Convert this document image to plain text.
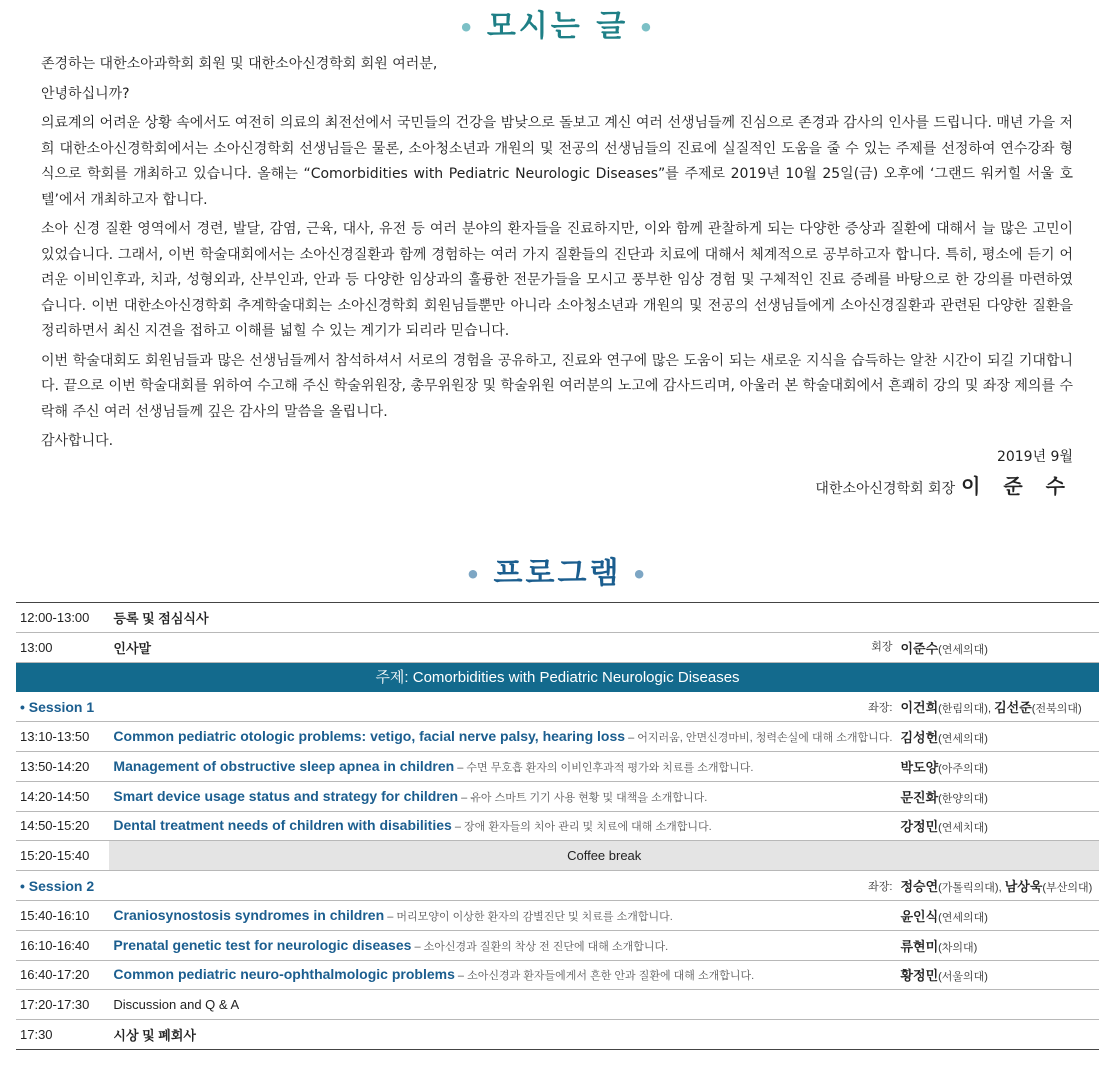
• 모시는 글 •

존경하는 대한소아과학회 회원 및 대한소아신경학회 회원 여러분,

안녕하십니까?

의료계의 어려운 상황 속에서도 여전히 의료의 최전선에서 국민들의 건강을 밤낮으로 돌보고 계신 여러 선생님들께 진심으로 존경과 감사의 인사를 드립니다. 매년 가을 저희 대한소아신경학회에서는 소아신경학회 선생님들은 물론, 소아청소년과 개원의 및 전공의 선생님들의 진료에 실질적인 도움을 줄 수 있는 주제를 선정하여 연수강좌 형식으로 학회를 개최하고 있습니다. 올해는 “Comorbidities with Pediatric Neurologic Diseases”를 주제로 2019년 10월 25일(금) 오후에 ‘그랜드 워커힐 서울 호텔’에서 개최하고자 합니다.

소아 신경 질환 영역에서 경련, 발달, 감염, 근육, 대사, 유전 등 여러 분야의 환자들을 진료하지만, 이와 함께 관찰하게 되는 다양한 증상과 질환에 대해서 늘 많은 고민이 있었습니다. 그래서, 이번 학술대회에서는 소아신경질환과 함께 경험하는 여러 가지 질환들의 진단과 치료에 대해서 체계적으로 공부하고자 합니다. 특히, 평소에 듣기 어려운 이비인후과, 치과, 성형외과, 산부인과, 안과 등 다양한 임상과의 훌륭한 전문가들을 모시고 풍부한 임상 경험 및 구체적인 진료 증례를 바탕으로 한 강의를 마련하였습니다. 이번 대한소아신경학회 추계학술대회는 소아신경학회 회원님들뿐만 아니라 소아청소년과 개원의 및 전공의 선생님들에게 소아신경질환과 관련된 다양한 질환을 정리하면서 최신 지견을 접하고 이해를 넓힐 수 있는 계기가 되리라 믿습니다.

이번 학술대회도 회원님들과 많은 선생님들께서 참석하셔서 서로의 경험을 공유하고, 진료와 연구에 많은 도움이 되는 새로운 지식을 습득하는 알찬 시간이 되길 기대합니다. 끝으로 이번 학술대회를 위하여 수고해 주신 학술위원장, 총무위원장 및 학술위원 여러분의 노고에 감사드리며, 아울러 본 학술대회에서 흔쾌히 강의 및 좌장 제의를 수락해 주신 여러 선생님들께 깊은 감사의 말씀을 올립니다.

감사합니다.

2019년 9월
대한소아신경학회 회장 이 준 수
• 프로그램 •
12:00-13:00	등록 및 점심식사	
13:00	인사말 회장	이준수(연세의대)
주제: Comorbidities with Pediatric Neurologic Diseases		
• Session 1 좌장:		이건희(한림의대), 김선준(전북의대)
13:10-13:50	Common pediatric otologic problems: vetigo, facial nerve palsy, hearing loss – 어지러움, 안면신경마비, 청력손실에 대해 소개합니다.	김성헌(연세의대)
13:50-14:20	Management of obstructive sleep apnea in children – 수면 무호흡 환자의 이비인후과적 평가와 치료를 소개합니다.	박도양(아주의대)
14:20-14:50	Smart device usage status and strategy for children – 유아 스마트 기기 사용 현황 및 대책을 소개합니다.	문진화(한양의대)
14:50-15:20	Dental treatment needs of children with disabilities – 장애 환자들의 치아 관리 및 치료에 대해 소개합니다.	강정민(연세치대)
15:20-15:40	Coffee break	
• Session 2 좌장:		정승연(가톨릭의대), 남상욱(부산의대)
15:40-16:10	Craniosynostosis syndromes in children – 머리모양이 이상한 환자의 감별진단 및 치료를 소개합니다.	윤인식(연세의대)
16:10-16:40	Prenatal genetic test for neurologic diseases – 소아신경과 질환의 착상 전 진단에 대해 소개합니다.	류현미(차의대)
16:40-17:20	Common pediatric neuro-ophthalmologic problems – 소아신경과 환자들에게서 흔한 안과 질환에 대해 소개합니다.	황정민(서울의대)
17:20-17:30	Discussion and Q & A	
17:30	시상 및 폐회사	
